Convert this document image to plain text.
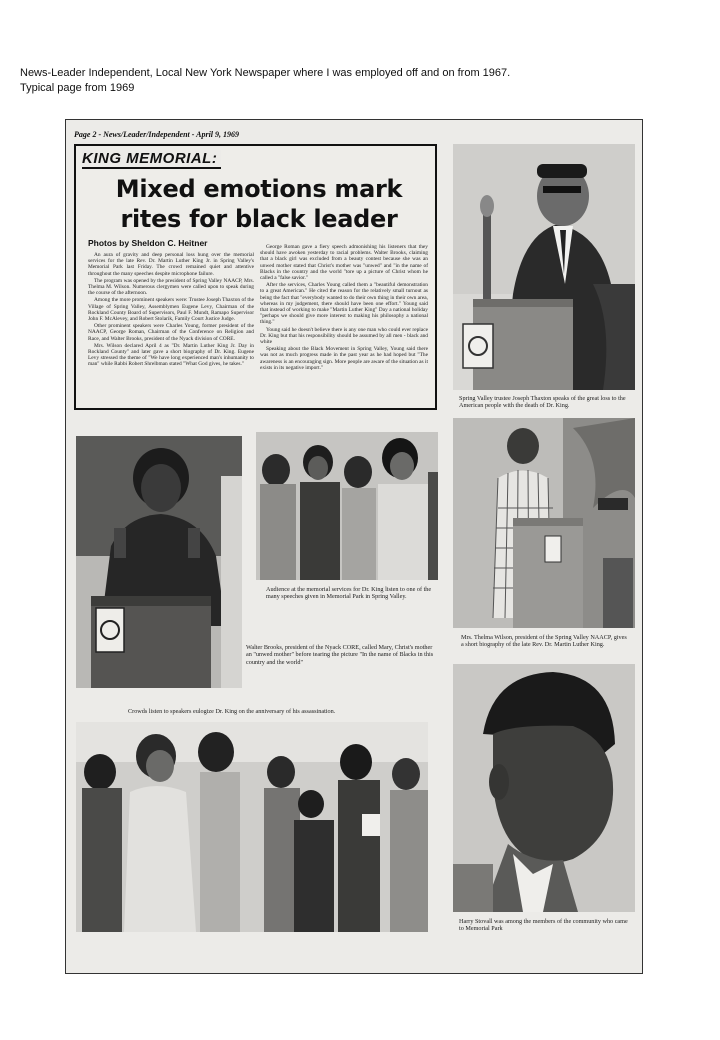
News-Leader Independent, Local New York Newspaper where I was employed off and on from 1967.
Typical page from 1969
Page 2 - News/Leader/Independent - April 9, 1969
KING MEMORIAL:
Mixed emotions mark
rites for black leader
Photos by Sheldon C. Heitner

An aura of gravity and deep personal loss hung over the memorial services for the late Rev. Dr. Martin Luther King Jr. in Spring Valley's Memorial Park last Friday. The crowd remained quiet and attentive throughout the many speeches despite microphone failure.

The program was opened by the president of Spring Valley NAACP, Mrs. Thelma M. Wilson. Numerous clergymen were called upon to speak during the course of the afternoon.

Among the more prominent speakers were: Trustee Joseph Thaxton of the Village of Spring Valley, Assemblymen Eugene Levy, Chairman of the Rockland County Board of Supervisors, Paul F. Mundt, Ramapo Supervisor John F. McAlevey, and Robert Stolarik, Family Court Justice Judge.

Other prominent speakers were Charles Young, former president of the NAACP, George Roman, Chairman of the Conference on Religion and Race, and Walter Brooks, president of the Nyack division of CORE.

Mrs. Wilson declared April 4 as "Dr. Martin Luther King Jr. Day in Rockland County" and later gave a short biography of Dr. King. Eugene Levy stressed the theme of "We have long experienced man's inhumanity to man" while Rabbi Robert Shrelbman stated "What God gives, he takes."

George Roman gave a fiery speech admonishing his listeners that they should have awoken yesterday to racial problems. Walter Brooks, claiming that a black girl was excluded from a beauty contest because she was an unwed mother stated that Christ's mother was "unwed" and "in the name of Blacks in the country and the world "tore up a picture of Christ whom he called a "false savior."

After the services, Charles Young called them a "beautiful demonstration to a great American." He cited the reason for the relatively small turnout as being the fact that "everybody wanted to do their own thing in their own area, whereas in my judgement, there should have been one effort." Young said that instead of working to make "Martin Luther King" Day a national holiday "perhaps we should give more interest to making his philosophy a national thing."

Young said he doesn't believe there is any one man who could ever replace Dr. King but that his responsibility should be assumed by all men - black and white

Speaking about the Black Movement in Spring Valley, Young said there was not as much progress made in the past year as he had hoped but "The awareness is an encouraging sign. More people are aware of the situation as it exists in its negative import."

Spring Valley trustee Joseph Thaxton speaks of the great loss to the American people with the death of Dr. King.
Audience at the memorial services for Dr. King listen to one of the many speeches given in Memorial Park in Spring Valley.
Walter Brooks, president of the Nyack CORE, called Mary, Christ's mother an "unwed mother" before tearing the picture "In the name of Blacks in this country and the world"
Mrs. Thelma Wilson, president of the Spring Valley NAACP, gives a short biography of the late Rev. Dr. Martin Luther King.
Crowds listen to speakers eulogize Dr. King on the anniversary of his assassination.
Harry Stovall was among the members of the community who came to Memorial Park
